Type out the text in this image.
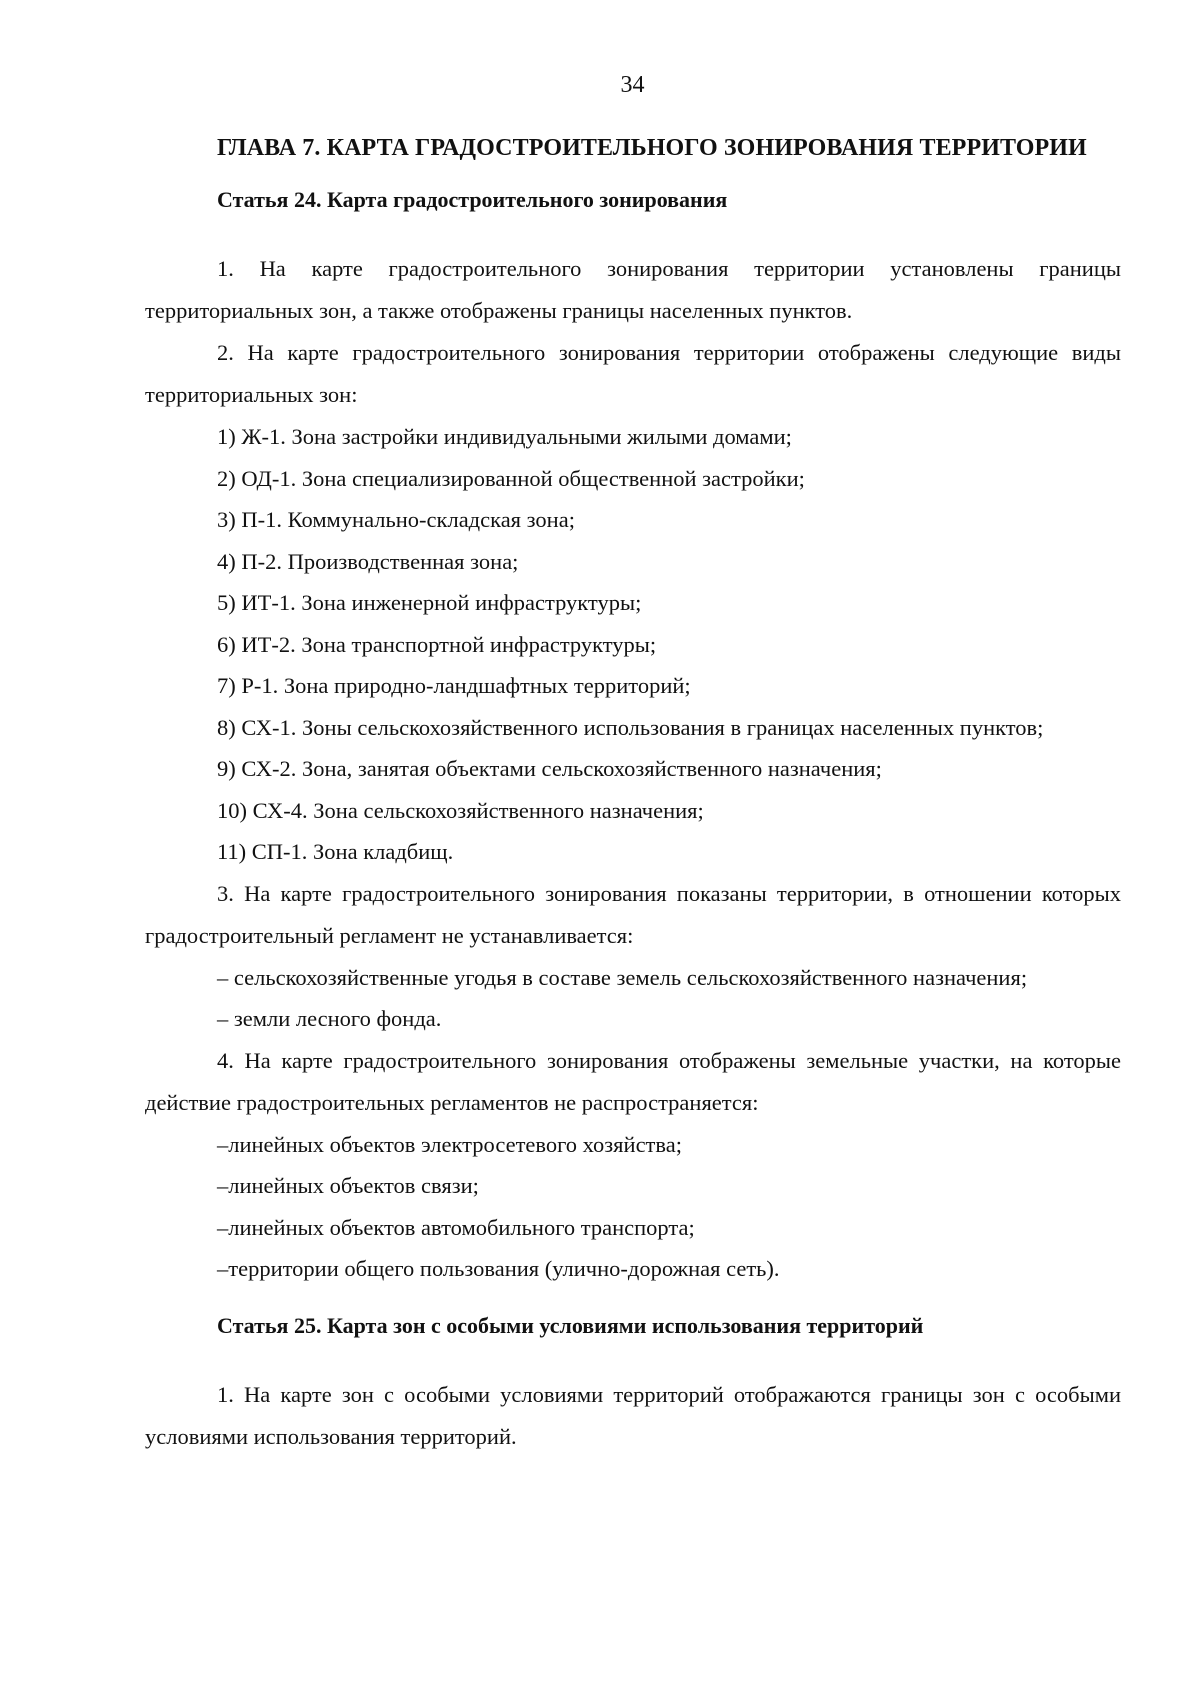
34
ГЛАВА 7. КАРТА ГРАДОСТРОИТЕЛЬНОГО ЗОНИРОВАНИЯ ТЕРРИТОРИИ
Статья 24. Карта градостроительного зонирования

1. На карте градостроительного зонирования территории установлены границы территориальных зон, а также отображены границы населенных пунктов.

2. На карте градостроительного зонирования территории отображены следующие виды территориальных зон:

1) Ж-1. Зона застройки индивидуальными жилыми домами;
2) ОД-1. Зона специализированной общественной застройки;
3) П-1. Коммунально-складская зона;
4) П-2. Производственная зона;
5) ИТ-1. Зона инженерной инфраструктуры;
6) ИТ-2. Зона транспортной инфраструктуры;
7) Р-1. Зона природно-ландшафтных территорий;
8) СХ-1. Зоны сельскохозяйственного использования в границах населенных пунктов;
9) СХ-2. Зона, занятая объектами сельскохозяйственного назначения;
10) СХ-4. Зона сельскохозяйственного назначения;
11) СП-1. Зона кладбищ.

3. На карте градостроительного зонирования показаны территории, в отношении которых градостроительный регламент не устанавливается:

– сельскохозяйственные угодья в составе земель сельскохозяйственного назначения;
– земли лесного фонда.

4. На карте градостроительного зонирования отображены земельные участки, на которые действие градостроительных регламентов не распространяется:

–линейных объектов электросетевого хозяйства;
–линейных объектов связи;
–линейных объектов автомобильного транспорта;
–территории общего пользования (улично-дорожная сеть).
Статья 25. Карта зон с особыми условиями использования территорий

1. На карте зон с особыми условиями территорий отображаются границы зон с особыми условиями использования территорий.
